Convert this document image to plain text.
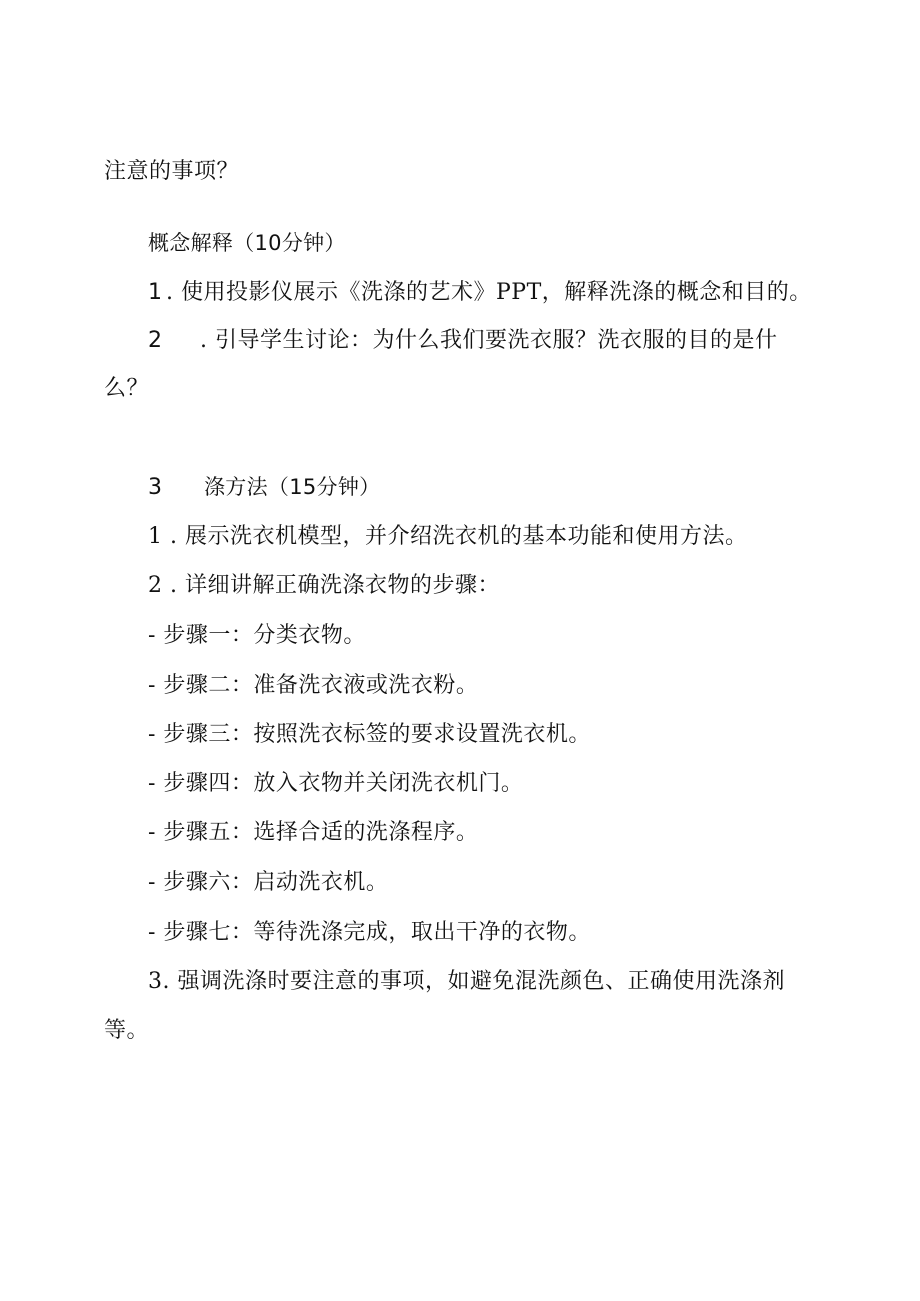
注意的事项？
概念解释（10分钟）
1 . 使用投影仪展示《洗涤的艺术》PPT，解释洗涤的概念和目的。
2 . 引导学生讨论：为什么我们要洗衣服？洗衣服的目的是什
么？
3 涤方法（15分钟）
1 . 展示洗衣机模型，并介绍洗衣机的基本功能和使用方法。
2 . 详细讲解正确洗涤衣物的步骤：
- 步骤一：分类衣物。
- 步骤二：准备洗衣液或洗衣粉。
- 步骤三：按照洗衣标签的要求设置洗衣机。
- 步骤四：放入衣物并关闭洗衣机门。
- 步骤五：选择合适的洗涤程序。
- 步骤六：启动洗衣机。
- 步骤七：等待洗涤完成，取出干净的衣物。
3. 强调洗涤时要注意的事项，如避免混洗颜色、正确使用洗涤剂
等。
